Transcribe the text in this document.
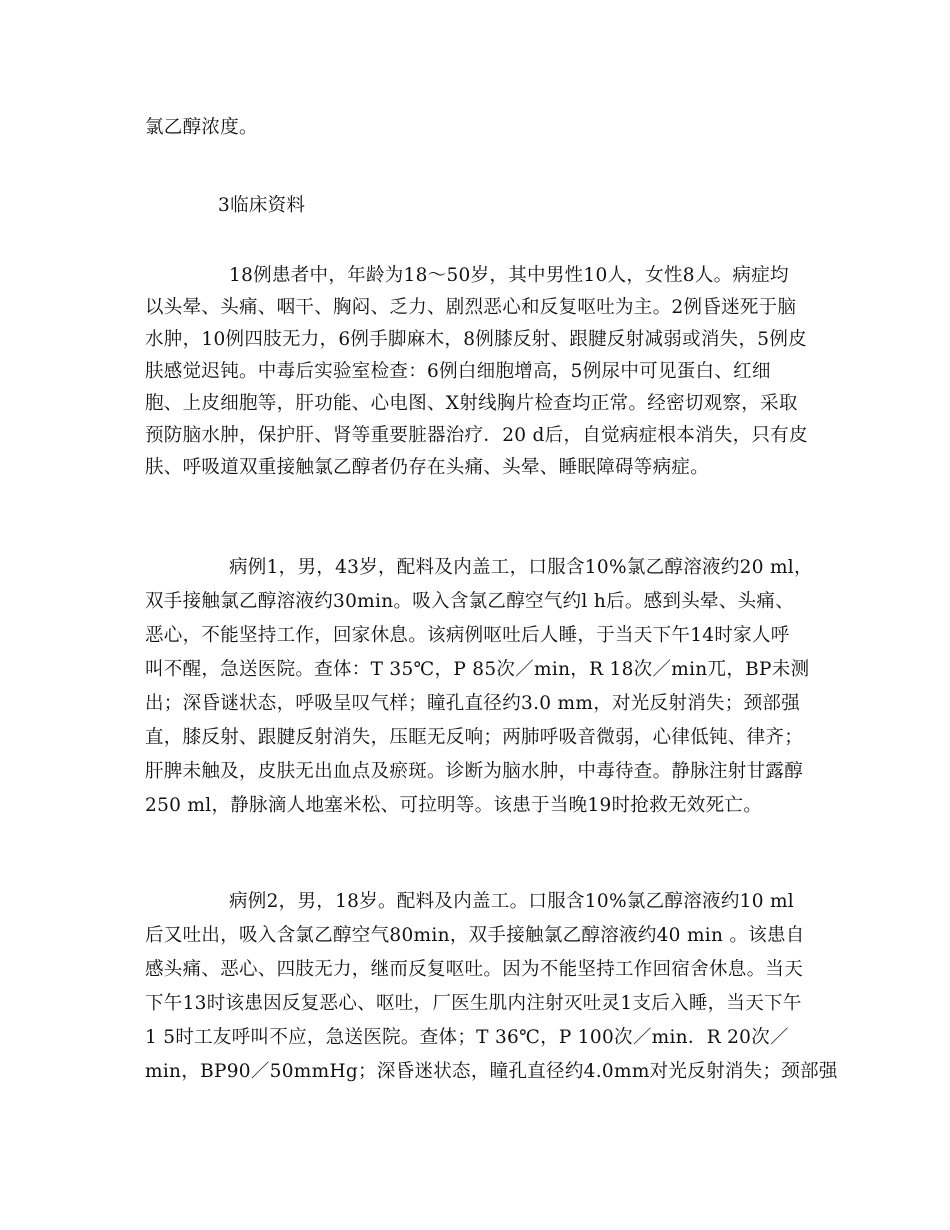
氯乙醇浓度。
3临床资料
18例患者中，年龄为18～50岁，其中男性10人，女性8人。病症均
以头晕、头痛、咽干、胸闷、乏力、剧烈恶心和反复呕吐为主。2例昏迷死于脑
水肿，10例四肢无力，6例手脚麻木，8例膝反射、跟腱反射减弱或消失，5例皮
肤感觉迟钝。中毒后实验室检查：6例白细胞增高，5例尿中可见蛋白、红细
胞、上皮细胞等，肝功能、心电图、X射线胸片检查均正常。经密切观察，采取
预防脑水肿，保护肝、肾等重要脏器治疗．20 d后，自觉病症根本消失，只有皮
肤、呼吸道双重接触氯乙醇者仍存在头痛、头晕、睡眠障碍等病症。
病例1，男，43岁，配料及内盖工，口服含10%氯乙醇溶液约20 ml，
双手接触氯乙醇溶液约30min。吸入含氯乙醇空气约l h后。感到头晕、头痛、
恶心，不能坚持工作，回家休息。该病例呕吐后人睡，于当天下午14时家人呼
叫不醒，急送医院。查体：T 35℃，P 85次／min，R 18次／min兀，BP未测
出；深昏谜状态，呼吸呈叹气样；瞳孔直径约3.0 mm，对光反射消失；颈部强
直，膝反射、跟腱反射消失，压眶无反响；两肺呼吸音微弱，心律低钝、律齐；
肝脾未触及，皮肤无出血点及瘀斑。诊断为脑水肿，中毒待查。静脉注射甘露醇
250 ml，静脉滴人地塞米松、可拉明等。该患于当晚19时抢救无效死亡。
病例2，男，18岁。配料及内盖工。口服含10%氯乙醇溶液约10 ml
后又吐出，吸入含氯乙醇空气80min，双手接触氯乙醇溶液约40 min 。该患自
感头痛、恶心、四肢无力，继而反复呕吐。因为不能坚持工作回宿舍休息。当天
下午13时该患因反复恶心、呕吐，厂医生肌内注射灭吐灵1支后入睡，当天下午
1 5时工友呼叫不应，急送医院。查体；T 36℃，P 100次／min．R 20次／
min，BP90／50mmHg；深昏迷状态，瞳孔直径约4.0mm对光反射消失；颈部强
